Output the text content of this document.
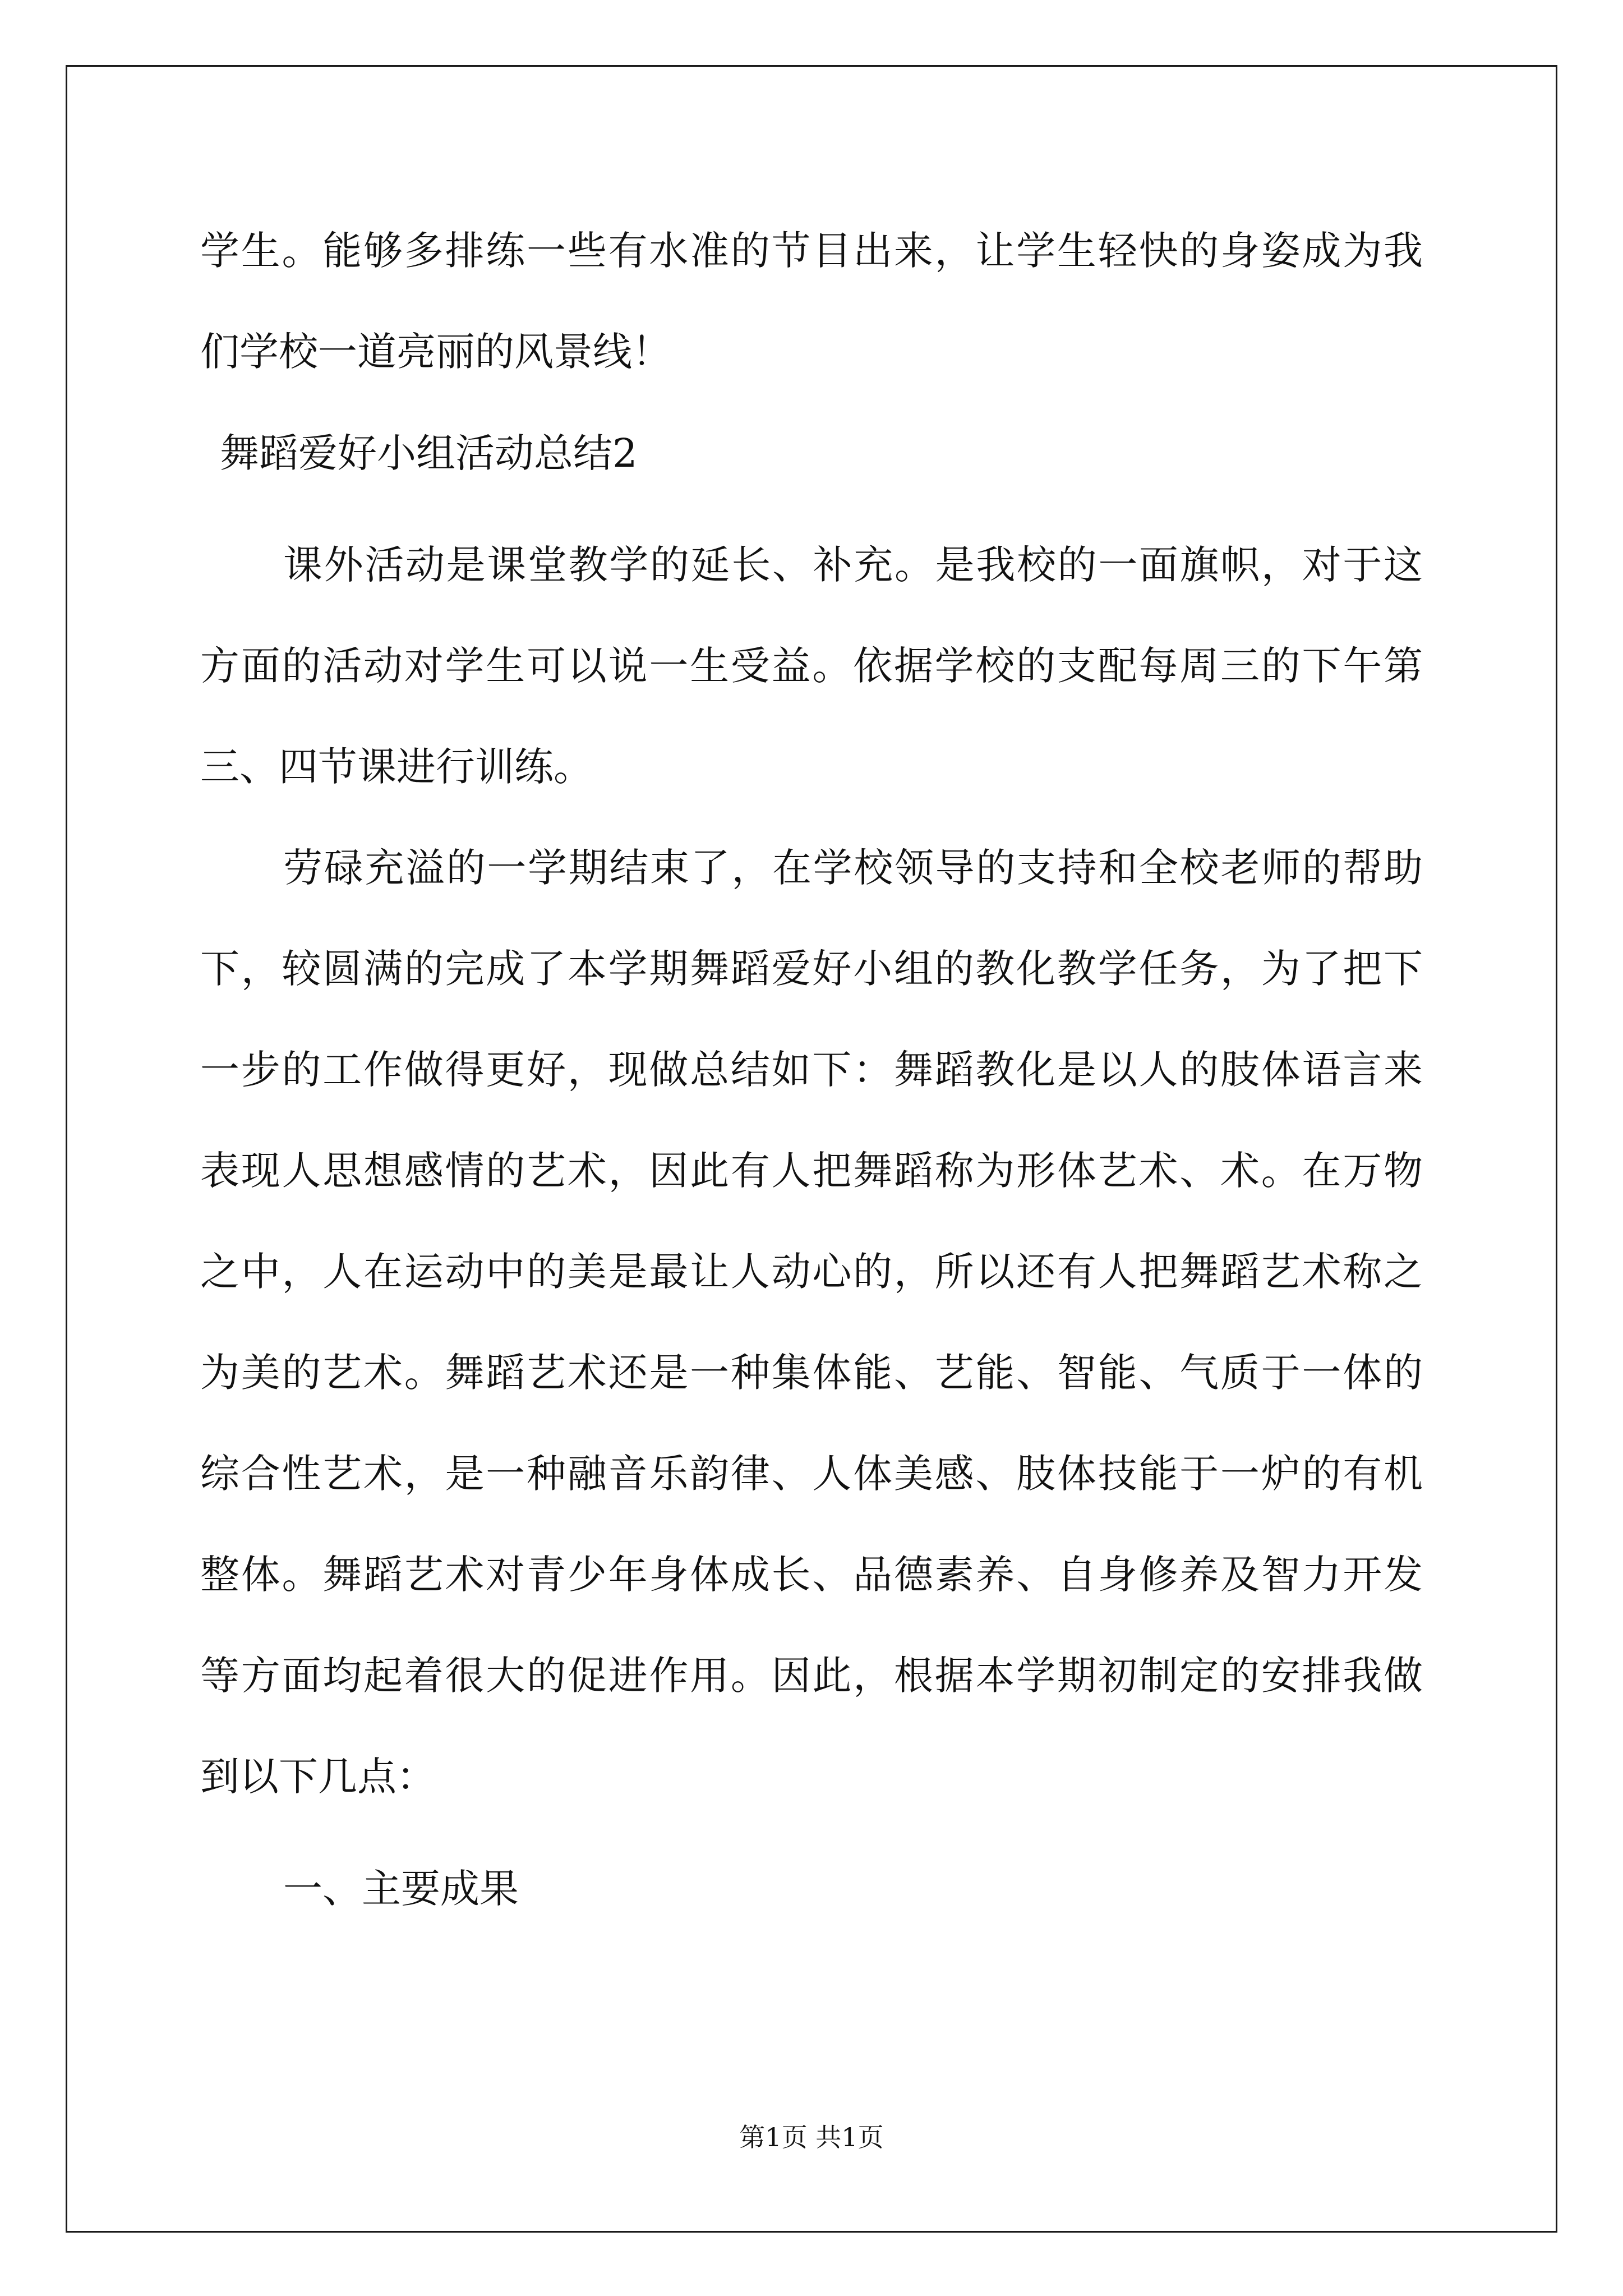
学生。能够多排练一些有水准的节目出来，让学生轻快的身姿成为我
们学校一道亮丽的风景线！
舞蹈爱好小组活动总结2
课外活动是课堂教学的延长、补充。是我校的一面旗帜，对于这
方面的活动对学生可以说一生受益。依据学校的支配每周三的下午第
三、四节课进行训练。
劳碌充溢的一学期结束了，在学校领导的支持和全校老师的帮助
下，较圆满的完成了本学期舞蹈爱好小组的教化教学任务，为了把下
一步的工作做得更好，现做总结如下：舞蹈教化是以人的肢体语言来
表现人思想感情的艺术，因此有人把舞蹈称为形体艺术、术。在万物
之中，人在运动中的美是最让人动心的，所以还有人把舞蹈艺术称之
为美的艺术。舞蹈艺术还是一种集体能、艺能、智能、气质于一体的
综合性艺术，是一种融音乐韵律、人体美感、肢体技能于一炉的有机
整体。舞蹈艺术对青少年身体成长、品德素养、自身修养及智力开发
等方面均起着很大的促进作用。因此，根据本学期初制定的安排我做
到以下几点：
一、主要成果
第1页 共1页
